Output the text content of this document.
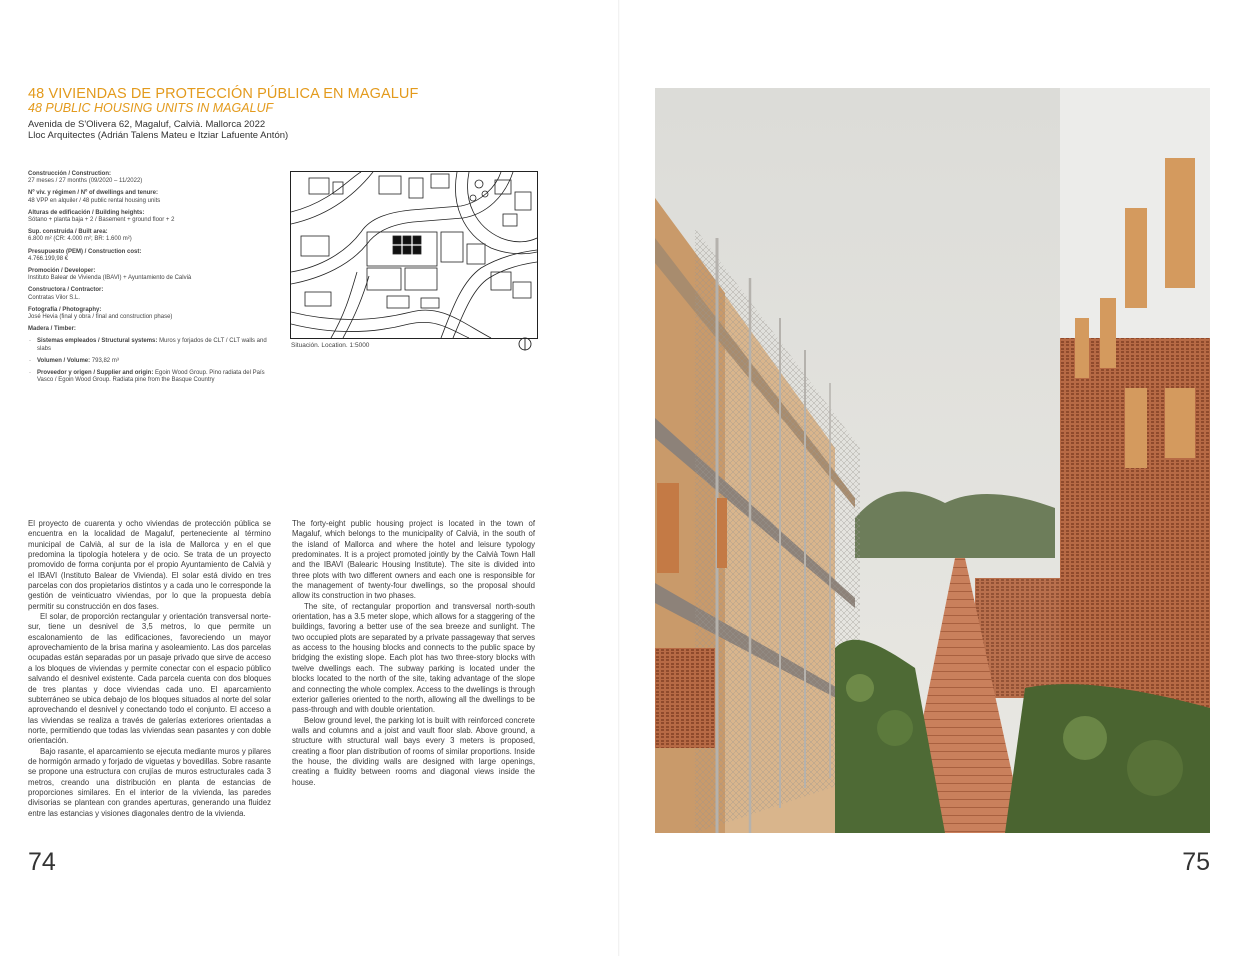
48 VIVIENDAS DE PROTECCIÓN PÚBLICA EN MAGALUF
48 PUBLIC HOUSING UNITS IN MAGALUF
Avenida de S'Olivera 62, Magaluf, Calvià. Mallorca 2022
Lloc Arquitectes (Adrián Talens Mateu e Itziar Lafuente Antón)
Construcción / Construction:
27 meses / 27 months (09/2020 – 11/2022)
Nº viv. y régimen / Nº of dwellings and tenure:
48 VPP en alquiler / 48 public rental housing units
Alturas de edificación / Building heights:
Sótano + planta baja + 2 / Basement + ground floor + 2
Sup. construida / Built area:
6.800 m² (CR: 4.000 m²; BR: 1.600 m²)
Presupuesto (PEM) / Construction cost:
4.766.199,98 €
Promoción / Developer:
Instituto Balear de Vivienda (IBAVI) + Ayuntamiento de Calvià
Constructora / Contractor:
Contratas Vilor S.L.
Fotografía / Photography:
José Hevia (final y obra / final and construction phase)
Madera / Timber:
· Sistemas empleados / Structural systems: Muros y forjados de CLT / CLT walls and slabs
· Volumen / Volume: 793,82 m³
· Proveedor y origen / Supplier and origin: Egoin Wood Group. Pino radiata del País Vasco / Egoin Wood Group. Radiata pine from the Basque Country
Situación. Location. 1:5000

El proyecto de cuarenta y ocho viviendas de protección pública se encuentra en la localidad de Magaluf, perteneciente al término municipal de Calvià, al sur de la isla de Mallorca y en el que predomina la tipología hotelera y de ocio. Se trata de un proyecto promovido de forma conjunta por el propio Ayuntamiento de Calvià y el IBAVI (Instituto Balear de Vivienda). El solar está divido en tres parcelas con dos propietarios distintos y a cada uno le corresponde la gestión de veinticuatro viviendas, por lo que la propuesta debía permitir su construcción en dos fases.

El solar, de proporción rectangular y orientación transversal norte-sur, tiene un desnivel de 3,5 metros, lo que permite un escalonamiento de las edificaciones, favoreciendo un mayor aprovechamiento de la brisa marina y asoleamiento. Las dos parcelas ocupadas están separadas por un pasaje privado que sirve de acceso a los bloques de viviendas y permite conectar con el espacio público salvando el desnivel existente. Cada parcela cuenta con dos bloques de tres plantas y doce viviendas cada uno. El aparcamiento subterráneo se ubica debajo de los bloques situados al norte del solar aprovechando el desnivel y conectando todo el conjunto. El acceso a las viviendas se realiza a través de galerías exteriores orientadas a norte, permitiendo que todas las viviendas sean pasantes y con doble orientación.

Bajo rasante, el aparcamiento se ejecuta mediante muros y pilares de hormigón armado y forjado de viguetas y bovedillas. Sobre rasante se propone una estructura con crujías de muros estructurales cada 3 metros, creando una distribución en planta de estancias de proporciones similares. En el interior de la vivienda, las paredes divisorias se plantean con grandes aperturas, generando una fluidez entre las estancias y visiones diagonales dentro de la vivienda.

The forty-eight public housing project is located in the town of Magaluf, which belongs to the municipality of Calvià, in the south of the island of Mallorca and where the hotel and leisure typology predominates. It is a project promoted jointly by the Calvià Town Hall and the IBAVI (Balearic Housing Institute). The site is divided into three plots with two different owners and each one is responsible for the management of twenty-four dwellings, so the proposal should allow its construction in two phases.

The site, of rectangular proportion and transversal north-south orientation, has a 3.5 meter slope, which allows for a staggering of the buildings, favoring a better use of the sea breeze and sunlight. The two occupied plots are separated by a private passageway that serves as access to the housing blocks and connects to the public space by bridging the existing slope. Each plot has two three-story blocks with twelve dwellings each. The subway parking is located under the blocks located to the north of the site, taking advantage of the slope and connecting the whole complex. Access to the dwellings is through exterior galleries oriented to the north, allowing all the dwellings to be pass-through and with double orientation.

Below ground level, the parking lot is built with reinforced concrete walls and columns and a joist and vault floor slab. Above ground, a structure with structural wall bays every 3 meters is proposed, creating a floor plan distribution of rooms of similar proportions. Inside the house, the dividing walls are designed with large openings, creating a fluidity between rooms and diagonal views inside the house.

74	75
